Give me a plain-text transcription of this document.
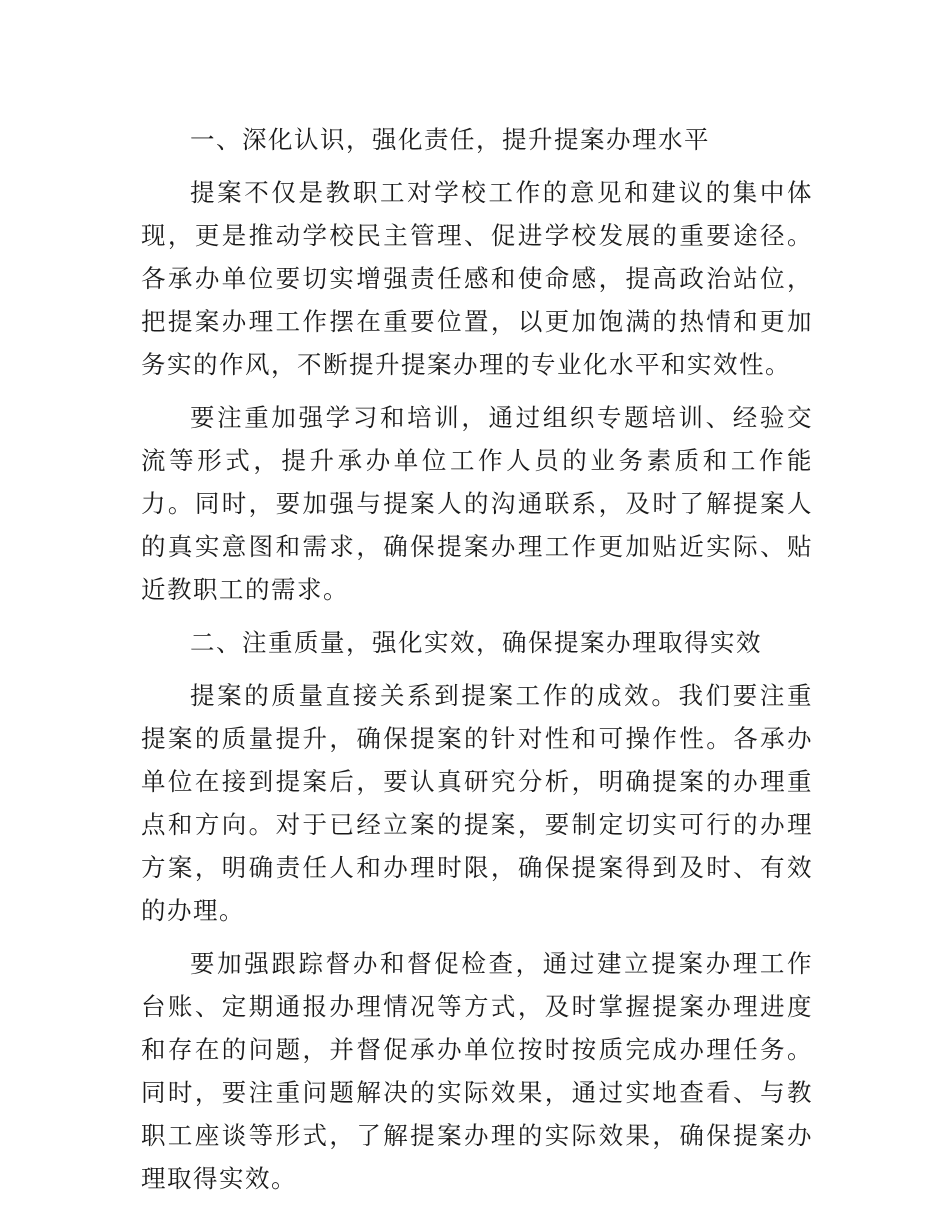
一、深化认识，强化责任，提升提案办理水平

提案不仅是教职工对学校工作的意见和建议的集中体现，更是推动学校民主管理、促进学校发展的重要途径。各承办单位要切实增强责任感和使命感，提高政治站位，把提案办理工作摆在重要位置，以更加饱满的热情和更加务实的作风，不断提升提案办理的专业化水平和实效性。

要注重加强学习和培训，通过组织专题培训、经验交流等形式，提升承办单位工作人员的业务素质和工作能力。同时，要加强与提案人的沟通联系，及时了解提案人的真实意图和需求，确保提案办理工作更加贴近实际、贴近教职工的需求。

二、注重质量，强化实效，确保提案办理取得实效

提案的质量直接关系到提案工作的成效。我们要注重提案的质量提升，确保提案的针对性和可操作性。各承办单位在接到提案后，要认真研究分析，明确提案的办理重点和方向。对于已经立案的提案，要制定切实可行的办理方案，明确责任人和办理时限，确保提案得到及时、有效的办理。

要加强跟踪督办和督促检查，通过建立提案办理工作台账、定期通报办理情况等方式，及时掌握提案办理进度和存在的问题，并督促承办单位按时按质完成办理任务。同时，要注重问题解决的实际效果，通过实地查看、与教职工座谈等形式，了解提案办理的实际效果，确保提案办理取得实效。
